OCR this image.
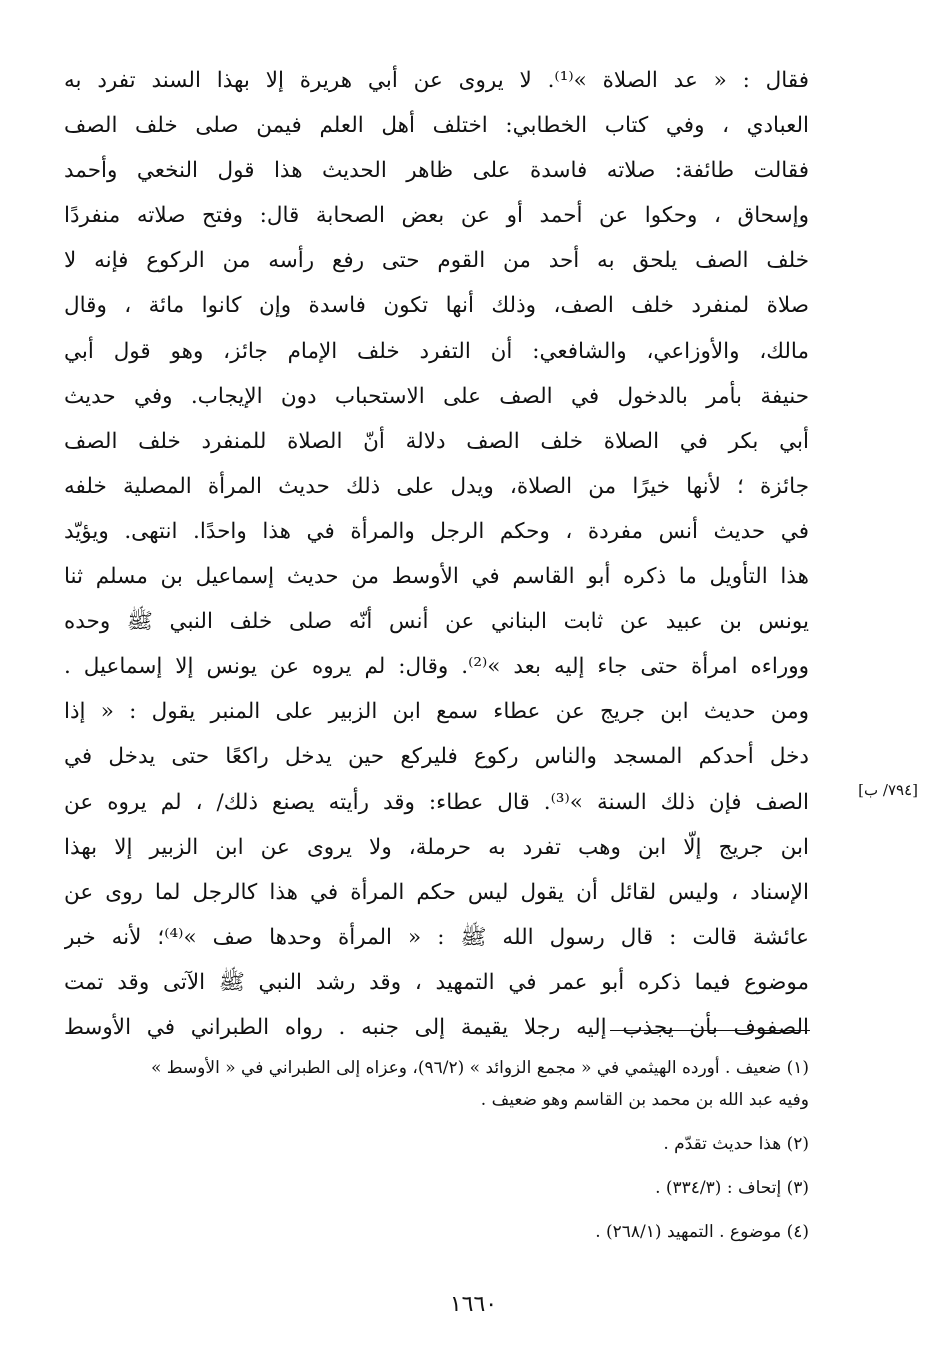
فقال : « عد الصلاة »⁽¹⁾. لا يروى عن أبي هريرة إلا بهذا السند تفرد به
العبادي ، وفي كتاب الخطابي: اختلف أهل العلم فيمن صلى خلف الصف
فقالت طائفة: صلاته فاسدة على ظاهر الحديث هذا قول النخعي وأحمد
وإسحاق ، وحكوا عن أحمد أو عن بعض الصحابة قال: وفتح صلاته منفردًا
خلف الصف يلحق به أحد من القوم حتى رفع رأسه من الركوع فإنه لا
صلاة لمنفرد خلف الصف، وذلك أنها تكون فاسدة وإن كانوا مائة ، وقال
مالك، والأوزاعي، والشافعي: أن التفرد خلف الإمام جائز، وهو قول أبي
حنيفة بأمر بالدخول في الصف على الاستحباب دون الإيجاب. وفي حديث
أبي بكر في الصلاة خلف الصف دلالة أنّ الصلاة للمنفرد خلف الصف
جائزة ؛ لأنها خيرًا من الصلاة، ويدل على ذلك حديث المرأة المصلية خلفه
في حديث أنس مفردة ، وحكم الرجل والمرأة في هذا واحدًا. انتهى. ويؤيّد
هذا التأويل ما ذكره أبو القاسم في الأوسط من حديث إسماعيل بن مسلم ثنا
يونس بن عبيد عن ثابت البناني عن أنس أنّه صلى خلف النبي ﷺ وحده
ووراءه امرأة حتى جاء إليه بعد »⁽²⁾. وقال: لم يروه عن يونس إلا إسماعيل .
ومن حديث ابن جريج عن عطاء سمع ابن الزبير على المنبر يقول : « إذا
دخل أحدكم المسجد والناس ركوع فليركع حين يدخل راكعًا حتى يدخل في
الصف فإن ذلك السنة »⁽³⁾. قال عطاء: وقد رأيته يصنع ذلك/ ، لم يروه عن
ابن جريج إلّا ابن وهب تفرد به حرملة، ولا يروى عن ابن الزبير إلا بهذا
الإسناد ، وليس لقائل أن يقول ليس حكم المرأة في هذا كالرجل لما روى عن
عائشة قالت : قال رسول الله ﷺ : « المرأة وحدها صف »⁽⁴⁾؛ لأنه خبر
موضوع فيما ذكره أبو عمر في التمهيد ، وقد رشد النبي ﷺ الآتى وقد تمت
الصفوف بأن يجذب إليه رجلا يقيمة إلى جنبه . رواه الطبراني في الأوسط
[٧٩٤/ ب]
(١) ضعيف . أورده الهيثمي في « مجمع الزوائد » (٩٦/٢)، وعزاه إلى الطبراني في « الأوسط »
وفيه عبد الله بن محمد بن القاسم وهو ضعيف .
(٢) هذا حديث تقدّم .
(٣) إتحاف : (٣٣٤/٣) .
(٤) موضوع . التمهيد (٢٦٨/١) .
١٦٦٠
